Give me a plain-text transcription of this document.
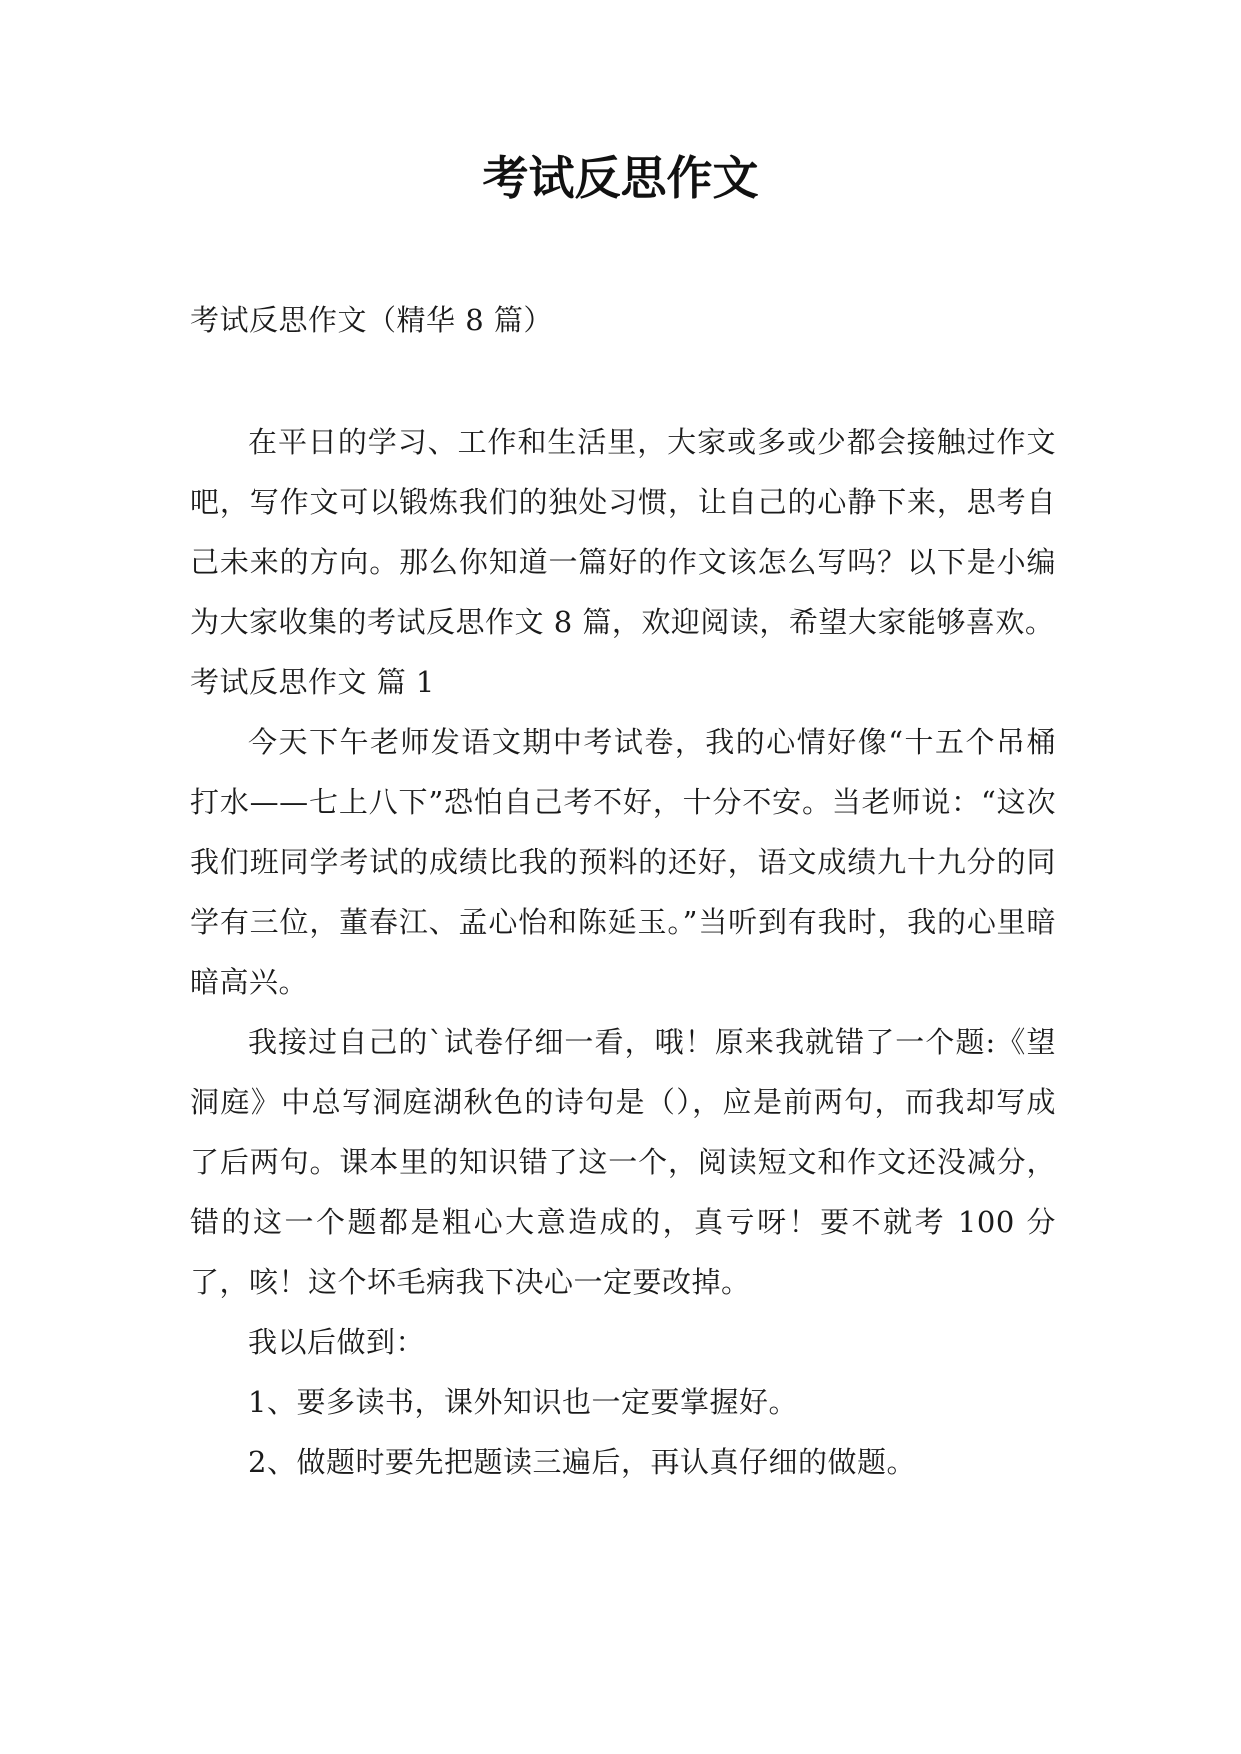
考试反思作文

考试反思作文（精华 8 篇）

在平日的学习、工作和生活里，大家或多或少都会接触过作文吧，写作文可以锻炼我们的独处习惯，让自己的心静下来，思考自己未来的方向。那么你知道一篇好的作文该怎么写吗？以下是小编为大家收集的考试反思作文 8 篇，欢迎阅读，希望大家能够喜欢。

考试反思作文 篇 1

今天下午老师发语文期中考试卷，我的心情好像“十五个吊桶打水——七上八下”恐怕自己考不好，十分不安。当老师说：“这次我们班同学考试的成绩比我的预料的还好，语文成绩九十九分的同学有三位，董春江、孟心怡和陈延玉。”当听到有我时，我的心里暗暗高兴。

我接过自己的`试卷仔细一看，哦！原来我就错了一个题:《望洞庭》中总写洞庭湖秋色的诗句是（），应是前两句，而我却写成了后两句。课本里的知识错了这一个，阅读短文和作文还没减分，错的这一个题都是粗心大意造成的，真亏呀！要不就考 100 分了，咳！这个坏毛病我下决心一定要改掉。

我以后做到：

1、要多读书，课外知识也一定要掌握好。

2、做题时要先把题读三遍后，再认真仔细的做题。
